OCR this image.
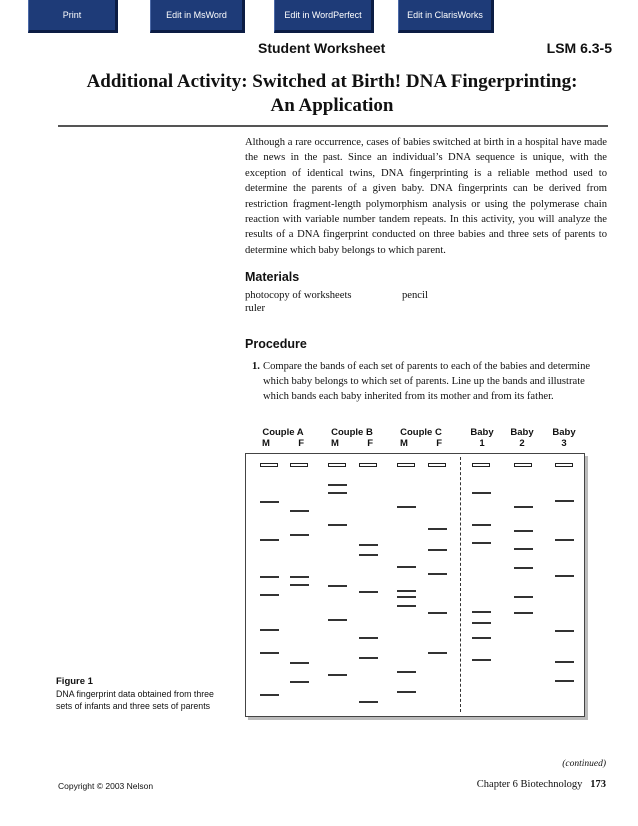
Print	Edit in MsWord	Edit in WordPerfect	Edit in ClarisWorks
Student Worksheet	LSM 6.3-5
Additional Activity: Switched at Birth! DNA Fingerprinting:
An Application
Although a rare occurrence, cases of babies switched at birth in a hospital have made the news in the past. Since an individual’s DNA sequence is unique, with the exception of identical twins, DNA fingerprinting is a reliable method used to determine the parents of a given baby. DNA fingerprints can be derived from restriction fragment-length polymorphism analysis or using the polymerase chain reaction with variable number tandem repeats. In this activity, you will analyze the results of a DNA fingerprint conducted on three babies and three sets of parents to determine which baby belongs to which parent.
Materials
photocopy of worksheets	pencil
ruler
Procedure
1. Compare the bands of each set of parents to each of the babies and determine which baby belongs to which set of parents. Line up the bands and illustrate which bands each baby inherited from its mother and from its father.
Couple A
M	F
Couple B
M	F
Couple C
M	F
Baby
1
Baby
2
Baby
3
Figure 1
DNA fingerprint data obtained from three sets of infants and three sets of parents
(continued)
Copyright © 2003 Nelson	Chapter 6 Biotechnology 173
